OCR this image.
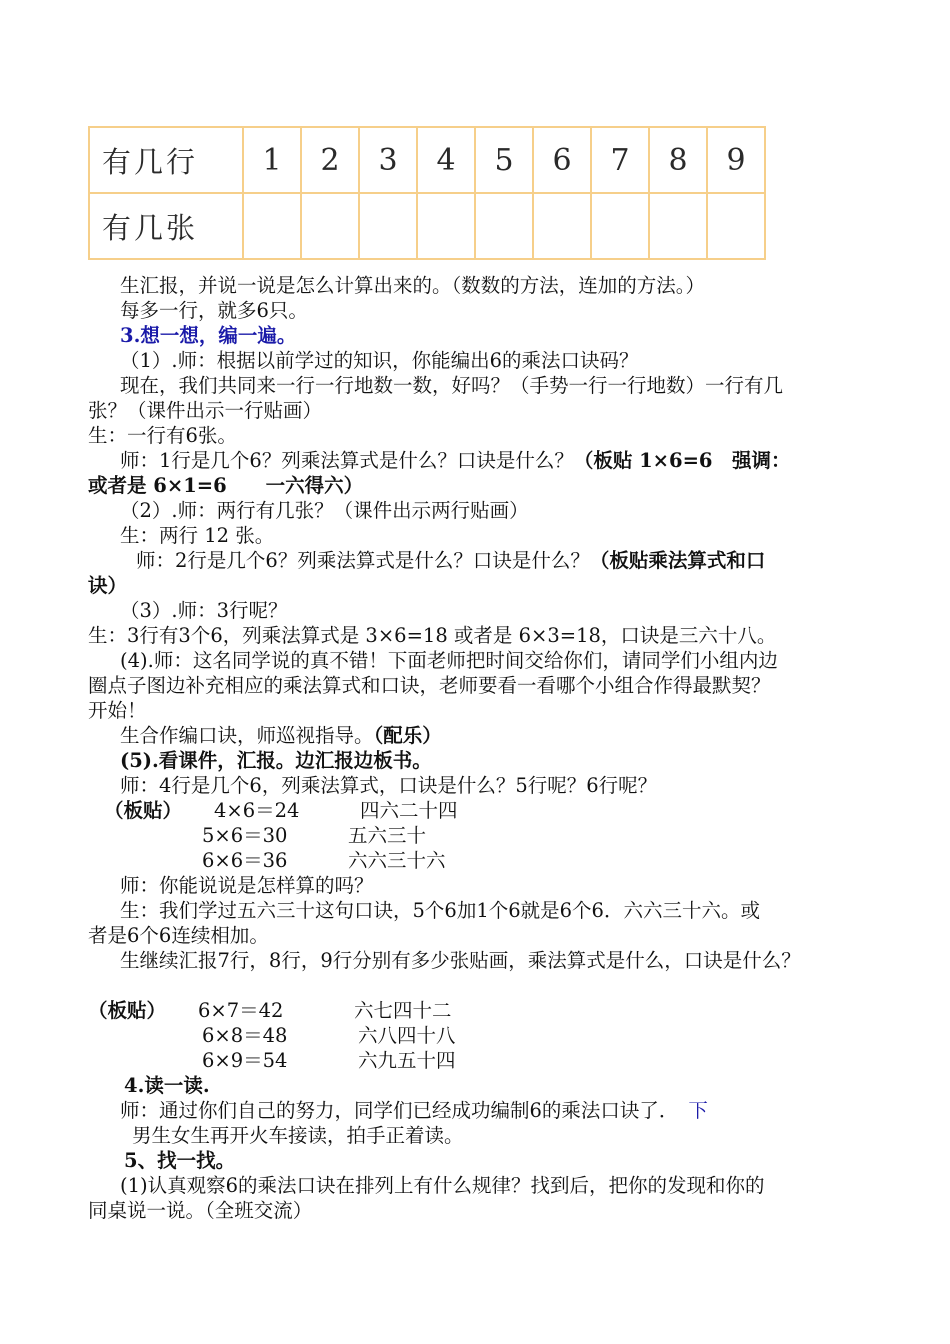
有几行	1	2	3	4	5	6	7	8	9
有几张									
生汇报，并说一说是怎么计算出来的。（数数的方法，连加的方法。）
每多一行，就多6只。
3.想一想，编一遍。
（1）.师：根据以前学过的知识，你能编出6的乘法口诀码？
现在，我们共同来一行一行地数一数，好吗？（手势一行一行地数）一行有几
张？（课件出示一行贴画）
生：一行有6张。
师：1行是几个6？列乘法算式是什么？口诀是什么？（板贴 1×6=6　强调：
或者是 6×1=6　　一六得六）
（2）.师：两行有几张？（课件出示两行贴画）
生：两行 12 张。
师：2行是几个6？列乘法算式是什么？口诀是什么？（板贴乘法算式和口
诀）
（3）.师：3行呢？
生：3行有3个6，列乘法算式是 3×6=18 或者是 6×3=18，口诀是三六十八。
(4).师：这名同学说的真不错！下面老师把时间交给你们，请同学们小组内边
圈点子图边补充相应的乘法算式和口诀，老师要看一看哪个小组合作得最默契？
开始！
生合作编口诀，师巡视指导。（配乐）
(5).看课件，汇报。边汇报边板书。
师：4行是几个6，列乘法算式，口诀是什么？5行呢？6行呢？
（板贴） 4×6＝24	四六二十四
5×6＝30	五六三十
6×6＝36	六六三十六
师：你能说说是怎样算的吗？
生：我们学过五六三十这句口诀，5个6加1个6就是6个6．六六三十六。或
者是6个6连续相加。
生继续汇报7行，8行，9行分别有多少张贴画，乘法算式是什么，口诀是什么？
（板贴） 6×7＝42	六七四十二
6×8＝48	六八四十八
6×9＝54	六九五十四
4.读一读.
师：通过你们自己的努力，同学们已经成功编制6的乘法口诀了． 下
男生女生再开火车接读，拍手正着读。
5、找一找。
(1)认真观察6的乘法口诀在排列上有什么规律？找到后，把你的发现和你的
同桌说一说。（全班交流）
